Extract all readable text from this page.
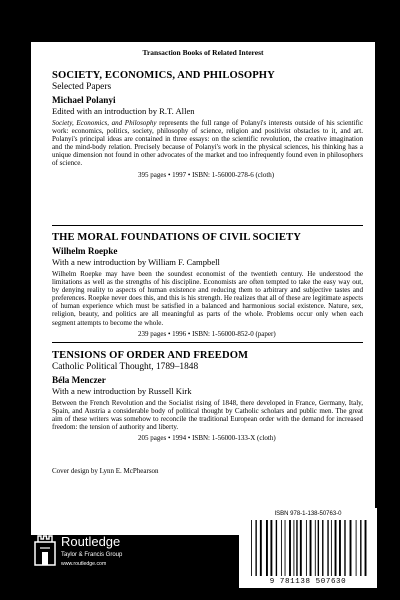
Transaction Books of Related Interest
SOCIETY, ECONOMICS, AND PHILOSOPHY
Selected Papers
Michael Polanyi
Edited with an introduction by R.T. Allen
Society, Economics, and Philosophy represents the full range of Polanyi's interests outside of his scientific work: economics, politics, society, philosophy of science, religion and positivist obstacles to it, and art. Polanyi's principal ideas are contained in three essays: on the scientific revolution, the creative imagination and the mind-body relation. Precisely because of Polanyi's work in the physical sciences, his thinking has a unique dimension not found in other advocates of the market and too infrequently found even in philosophers of science.
395 pages • 1997 • ISBN: 1-56000-278-6 (cloth)
THE MORAL FOUNDATIONS OF CIVIL SOCIETY
Wilhelm Roepke
With a new introduction by William F. Campbell
Wilhelm Roepke may have been the soundest economist of the twentieth century. He understood the limitations as well as the strengths of his discipline. Economists are often tempted to take the easy way out, by denying reality to aspects of human existence and reducing them to arbitrary and subjective tastes and preferences. Roepke never does this, and this is his strength. He realizes that all of these are legitimate aspects of human experience which must be satisfied in a balanced and harmonious social existence. Nature, sex, religion, beauty, and politics are all meaningful as parts of the whole. Problems occur only when each segment attempts to become the whole.
239 pages • 1996 • ISBN: 1-56000-852-0 (paper)
TENSIONS OF ORDER AND FREEDOM
Catholic Political Thought, 1789–1848
Béla Menczer
With a new introduction by Russell Kirk
Between the French Revolution and the Socialist rising of 1848, there developed in France, Germany, Italy, Spain, and Austria a considerable body of political thought by Catholic scholars and public men. The great aim of these writers was somehow to reconcile the traditional European order with the demand for increased freedom: the tension of authority and liberty.
205 pages • 1994 • ISBN: 1-56000-133-X (cloth)
Cover design by Lynn E. McPhearson
an informa business
Routledge
Taylor & Francis Group
www.routledge.com
ISBN 978-1-138-50763-0
9 781138 507630
